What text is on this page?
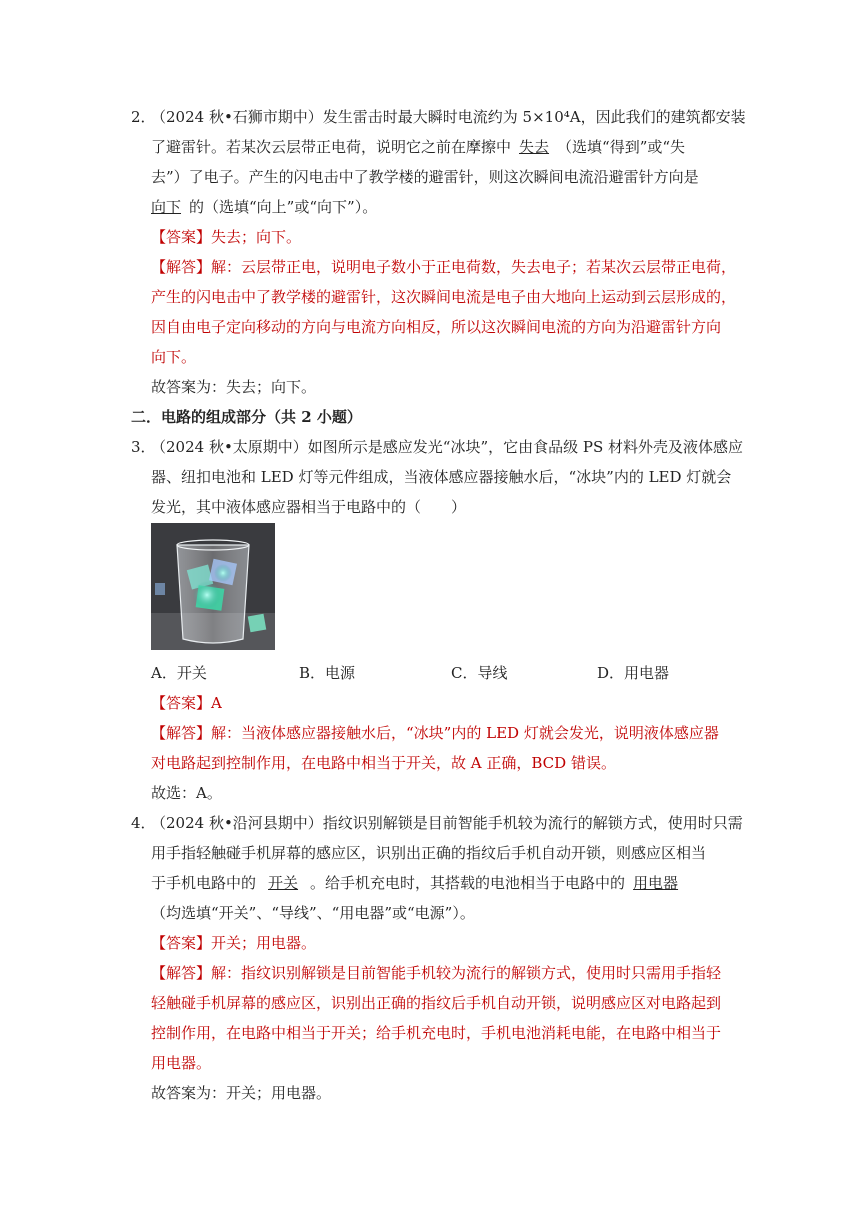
2．
（2024 秋•石狮市期中）发生雷击时最大瞬时电流约为 5×10⁴A，因此我们的建筑都安装
了避雷针。若某次云层带正电荷，说明它之前在摩擦中 失去 （选填“得到”或“失
去”）了电子。产生的闪电击中了教学楼的避雷针，则这次瞬间电流沿避雷针方向是
向下 的（选填“向上”或“向下”）。
【答案】失去；向下。
【解答】解：云层带正电，说明电子数小于正电荷数，失去电子；若某次云层带正电荷，
产生的闪电击中了教学楼的避雷针，这次瞬间电流是电子由大地向上运动到云层形成的，
因自由电子定向移动的方向与电流方向相反，所以这次瞬间电流的方向为沿避雷针方向
向下。
故答案为：失去；向下。
二．电路的组成部分（共 2 小题）
3．
（2024 秋•太原期中）如图所示是感应发光“冰块”，它由食品级 PS 材料外壳及液体感应
器、纽扣电池和 LED 灯等元件组成，当液体感应器接触水后，“冰块”内的 LED 灯就会
发光，其中液体感应器相当于电路中的（　　）
A．开关	B．电源	C．导线	D．用电器
【答案】A
【解答】解：当液体感应器接触水后，“冰块”内的 LED 灯就会发光，说明液体感应器
对电路起到控制作用，在电路中相当于开关，故 A 正确，BCD 错误。
故选：A。
4．
（2024 秋•沿河县期中）指纹识别解锁是目前智能手机较为流行的解锁方式，使用时只需
用手指轻触碰手机屏幕的感应区，识别出正确的指纹后手机自动开锁，则感应区相当
于手机电路中的 开关 。给手机充电时，其搭载的电池相当于电路中的 用电器
（均选填“开关”、“导线”、“用电器”或“电源”）。
【答案】开关；用电器。
【解答】解：指纹识别解锁是目前智能手机较为流行的解锁方式，使用时只需用手指轻
轻触碰手机屏幕的感应区，识别出正确的指纹后手机自动开锁，说明感应区对电路起到
控制作用，在电路中相当于开关；给手机充电时，手机电池消耗电能，在电路中相当于
用电器。
故答案为：开关；用电器。
